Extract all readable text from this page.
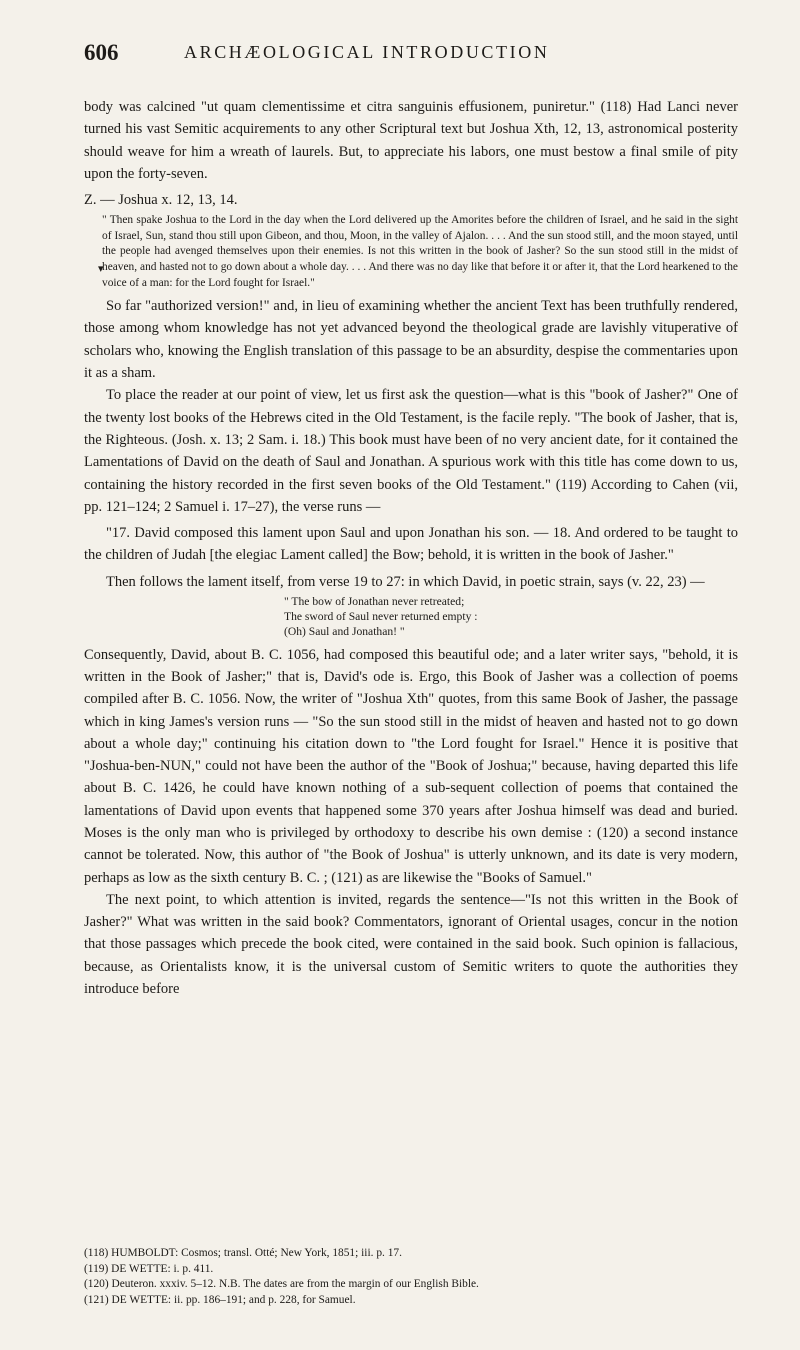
606	ARCHÆOLOGICAL INTRODUCTION
▾

body was calcined "ut quam clementissime et citra sanguinis effusionem, puniretur." (118) Had Lanci never turned his vast Semitic acquirements to any other Scriptural text but Joshua Xth, 12, 13, astronomical posterity should weave for him a wreath of laurels. But, to appreciate his labors, one must bestow a final smile of pity upon the forty-seven.

Z. — Joshua x. 12, 13, 14.

" Then spake Joshua to the Lord in the day when the Lord delivered up the Amorites before the children of Israel, and he said in the sight of Israel, Sun, stand thou still upon Gibeon, and thou, Moon, in the valley of Ajalon. . . . And the sun stood still, and the moon stayed, until the people had avenged themselves upon their enemies. Is not this written in the book of Jasher? So the sun stood still in the midst of heaven, and hasted not to go down about a whole day. . . . And there was no day like that before it or after it, that the Lord hearkened to the voice of a man: for the Lord fought for Israel."

So far "authorized version!" and, in lieu of examining whether the ancient Text has been truthfully rendered, those among whom knowledge has not yet advanced beyond the theological grade are lavishly vituperative of scholars who, knowing the English translation of this passage to be an absurdity, despise the commentaries upon it as a sham.

To place the reader at our point of view, let us first ask the question—what is this "book of Jasher?" One of the twenty lost books of the Hebrews cited in the Old Testament, is the facile reply. "The book of Jasher, that is, the Righteous. (Josh. x. 13; 2 Sam. i. 18.) This book must have been of no very ancient date, for it contained the Lamentations of David on the death of Saul and Jonathan. A spurious work with this title has come down to us, containing the history recorded in the first seven books of the Old Testament." (119) According to Cahen (vii, pp. 121–124; 2 Samuel i. 17–27), the verse runs —

"17. David composed this lament upon Saul and upon Jonathan his son. — 18. And ordered to be taught to the children of Judah [the elegiac Lament called] the Bow; behold, it is written in the book of Jasher."

Then follows the lament itself, from verse 19 to 27: in which David, in poetic strain, says (v. 22, 23) —

" The bow of Jonathan never retreated;
The sword of Saul never returned empty :
(Oh) Saul and Jonathan! "

Consequently, David, about B. C. 1056, had composed this beautiful ode; and a later writer says, "behold, it is written in the Book of Jasher;" that is, David's ode is. Ergo, this Book of Jasher was a collection of poems compiled after B. C. 1056. Now, the writer of "Joshua Xth" quotes, from this same Book of Jasher, the passage which in king James's version runs — "So the sun stood still in the midst of heaven and hasted not to go down about a whole day;" continuing his citation down to "the Lord fought for Israel." Hence it is positive that "Joshua-ben-NUN," could not have been the author of the "Book of Joshua;" because, having departed this life about B. C. 1426, he could have known nothing of a sub-sequent collection of poems that contained the lamentations of David upon events that happened some 370 years after Joshua himself was dead and buried. Moses is the only man who is privileged by orthodoxy to describe his own demise : (120) a second instance cannot be tolerated. Now, this author of "the Book of Joshua" is utterly unknown, and its date is very modern, perhaps as low as the sixth century B. C. ; (121) as are likewise the "Books of Samuel."

The next point, to which attention is invited, regards the sentence—"Is not this written in the Book of Jasher?" What was written in the said book? Commentators, ignorant of Oriental usages, concur in the notion that those passages which precede the book cited, were contained in the said book. Such opinion is fallacious, because, as Orientalists know, it is the universal custom of Semitic writers to quote the authorities they introduce before

(118) HUMBOLDT: Cosmos; transl. Otté; New York, 1851; iii. p. 17.
(119) DE WETTE: i. p. 411.
(120) Deuteron. xxxiv. 5–12. N.B. The dates are from the margin of our English Bible.
(121) DE WETTE: ii. pp. 186–191; and p. 228, for Samuel.
